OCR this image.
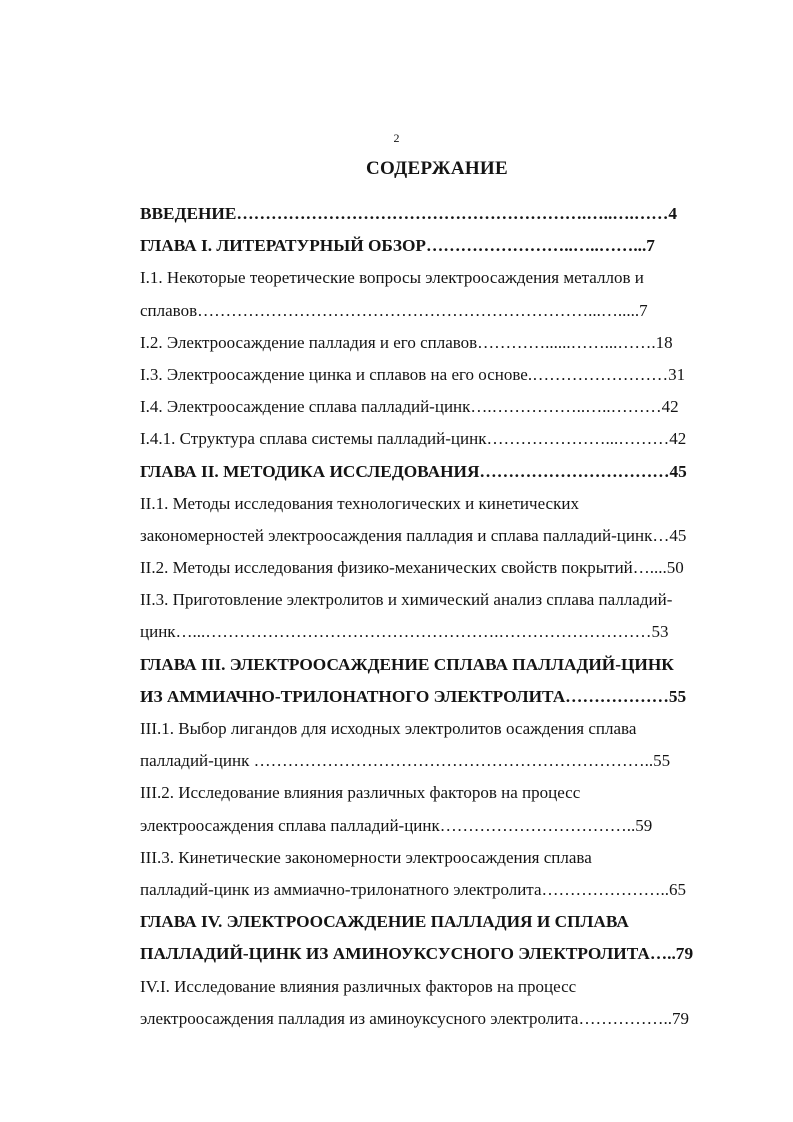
2
СОДЕРЖАНИЕ
ВВЕДЕНИЕ…………………………………………………….…..….……4
ГЛАВА I. ЛИТЕРАТУРНЫЙ ОБЗОР……………………..…..……...7
I.1. Некоторые теоретические вопросы электроосаждения металлов и
сплавов……………………………………………………………...….....7
I.2. Электроосаждение палладия и его сплавов…………......……...…….18
I.3. Электроосаждение цинка и сплавов на его основе.……………………31
I.4. Электроосаждение сплава палладий-цинк….……………..…..………42
I.4.1. Структура сплава системы палладий-цинк…………………...………42
ГЛАВА II. МЕТОДИКА ИССЛЕДОВАНИЯ……………………………45
II.1. Методы исследования технологических и кинетических
закономерностей электроосаждения палладия и сплава палладий-цинк…45
II.2. Методы исследования физико-механических свойств покрытий…....50
II.3. Приготовление электролитов и химический анализ сплава палладий-
цинк…...…………………………………………….………………………53
ГЛАВА III. ЭЛЕКТРООСАЖДЕНИЕ СПЛАВА ПАЛЛАДИЙ-ЦИНК
ИЗ АММИАЧНО-ТРИЛОНАТНОГО ЭЛЕКТРОЛИТА………………55
III.1. Выбор лигандов для исходных электролитов осаждения сплава
палладий-цинк ……………………………………………………………..55
III.2. Исследование влияния различных факторов на процесс
электроосаждения сплава палладий-цинк……………………………..59
III.3. Кинетические закономерности электроосаждения сплава
палладий-цинк из аммиачно-трилонатного электролита…………………..65
ГЛАВА IV. ЭЛЕКТРООСАЖДЕНИЕ ПАЛЛАДИЯ И СПЛАВА
ПАЛЛАДИЙ-ЦИНК ИЗ АМИНОУКСУСНОГО ЭЛЕКТРОЛИТА…..79
IV.I. Исследование влияния различных факторов на процесс
электроосаждения палладия из аминоуксусного электролита……………..79
